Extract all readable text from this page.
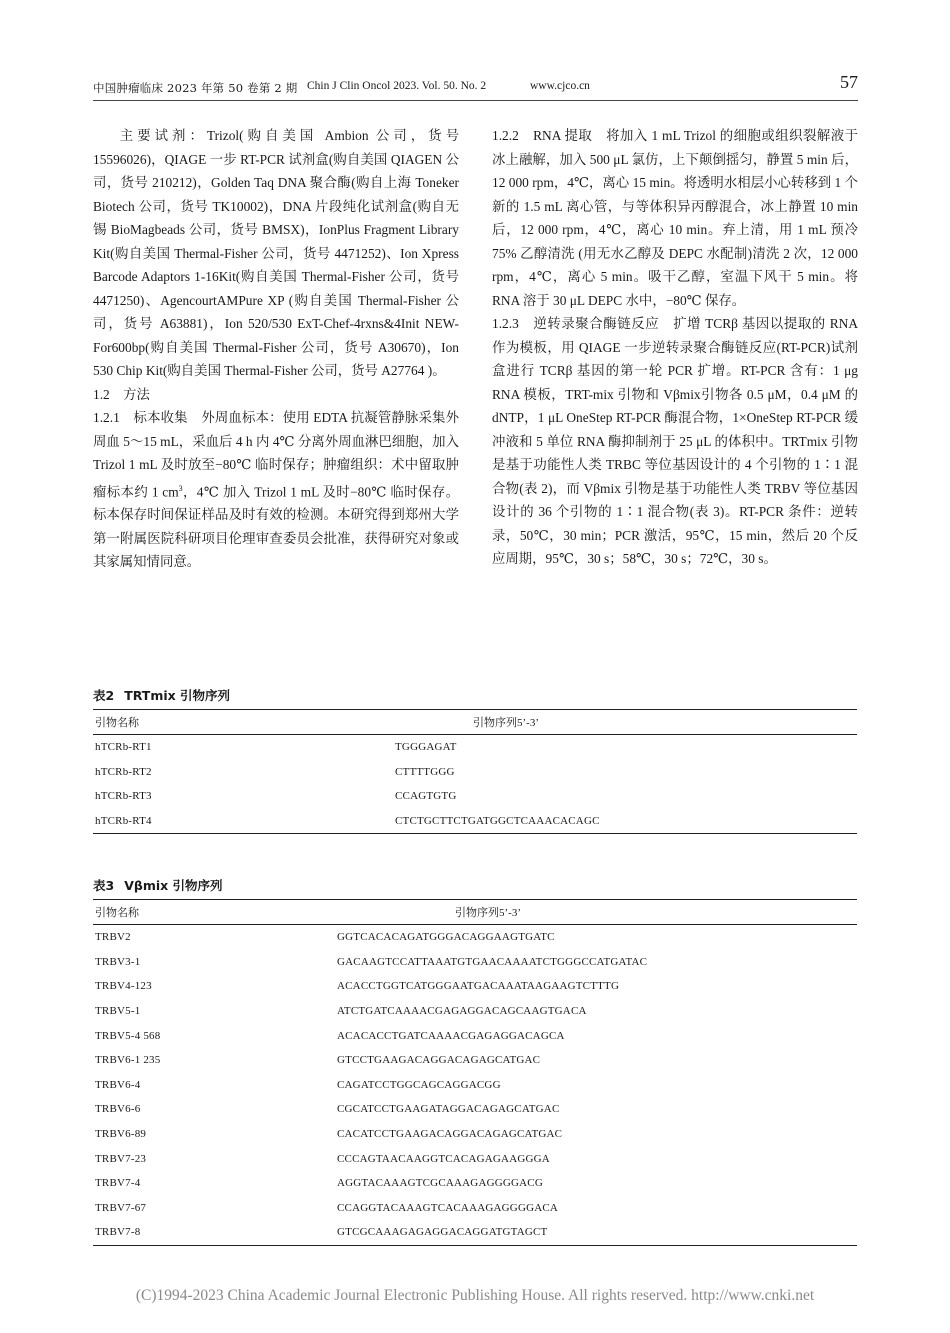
中国肿瘤临床 2023 年第 50 卷第 2 期 Chin J Clin Oncol 2023. Vol. 50. No. 2	www.cjco.cn	57

主要试剂：Trizol(购自美国 Ambion 公司，货号 15596026)，QIAGE 一步 RT-PCR 试剂盒(购自美国 QIAGEN 公司，货号 210212)，Golden Taq DNA 聚合酶(购自上海 Toneker Biotech 公司，货号 TK10002)，DNA 片段纯化试剂盒(购自无锡 BioMagbeads 公司，货号 BMSX)，IonPlus Fragment Library Kit(购自美国 Thermal-Fisher 公司，货号 4471252)、Ion Xpress Barcode Adaptors 1-16Kit(购自美国 Thermal-Fisher 公司，货号 4471250)、AgencourtAMPure XP (购自美国 Thermal-Fisher 公司，货号 A63881)，Ion 520/530 ExT-Chef-4rxns&4Init NEW-For600bp(购自美国 Thermal-Fisher 公司，货号 A30670)，Ion 530 Chip Kit(购自美国 Thermal-Fisher 公司，货号 A27764 )。

1.2　方法

1.2.1　标本收集　 外周血标本：使用 EDTA 抗凝管静脉采集外周血 5～15 mL，采血后 4 h 内 4℃ 分离外周血淋巴细胞，加入 Trizol 1 mL 及时放至−80℃ 临时保存；肿瘤组织：术中留取肿瘤标本约 1 $cm^3$，4℃ 加入 Trizol 1 mL 及时−80℃ 临时保存。标本保存时间保证样品及时有效的检测。本研究得到郑州大学第一附属医院科研项目伦理审查委员会批准，获得研究对象或其家属知情同意。

1.2.2　RNA 提取　 将加入 1 mL Trizol 的细胞或组织裂解液于冰上融解，加入 500 μL 氯仿，上下颠倒摇匀，静置 5 min 后，12 000 rpm，4℃，离心 15 min。将透明水相层小心转移到 1 个新的 1.5 mL 离心管，与等体积异丙醇混合，冰上静置 10 min 后，12 000 rpm，4℃，离心 10 min。弃上清，用 1 mL 预冷 75% 乙醇清洗 (用无水乙醇及 DEPC 水配制)清洗 2 次，12 000 rpm，4℃，离心 5 min。吸干乙醇，室温下风干 5 min。将 RNA 溶于 30 μL DEPC 水中，−80℃ 保存。

1.2.3　逆转录聚合酶链反应　 扩增 TCRβ 基因以提取的 RNA 作为模板，用 QIAGE 一步逆转录聚合酶链反应(RT-PCR)试剂盒进行 TCRβ 基因的第一轮 PCR 扩增。RT-PCR 含有：1 μg RNA 模板，TRT-mix 引物和 Vβmix引物各 0.5 μM，0.4 μM 的 dNTP，1 μL OneStep RT-PCR 酶混合物，1×OneStep RT-PCR 缓冲液和 5 单位 RNA 酶抑制剂于 25 μL 的体积中。TRTmix 引物是基于功能性人类 TRBC 等位基因设计的 4 个引物的 1∶1 混合物(表 2)，而 Vβmix 引物是基于功能性人类 TRBV 等位基因设计的 36 个引物的 1∶1 混合物(表 3)。RT-PCR 条件：逆转录，50℃，30 min；PCR 激活，95℃，15 min，然后 20 个反应周期，95℃，30 s；58℃，30 s；72℃，30 s。

表2 TRTmix 引物序列
引物名称	引物序列5’-3’
hTCRb-RT1	TGGGAGAT
hTCRb-RT2	CTTTTGGG
hTCRb-RT3	CCAGTGTG
hTCRb-RT4	CTCTGCTTCTGATGGCTCAAACACAGC
表3 Vβmix 引物序列
引物名称	引物序列5’-3’
TRBV2	GGTCACACAGATGGGACAGGAAGTGATC
TRBV3-1	GACAAGTCCATTAAATGTGAACAAAATCTGGGCCATGATAC
TRBV4-123	ACACCTGGTCATGGGAATGACAAATAAGAAGTCTTTG
TRBV5-1	ATCTGATCAAAACGAGAGGACAGCAAGTGACA
TRBV5-4 568	ACACACCTGATCAAAACGAGAGGACAGCA
TRBV6-1 235	GTCCTGAAGACAGGACAGAGCATGAC
TRBV6-4	CAGATCCTGGCAGCAGGACGG
TRBV6-6	CGCATCCTGAAGATAGGACAGAGCATGAC
TRBV6-89	CACATCCTGAAGACAGGACAGAGCATGAC
TRBV7-23	CCCAGTAACAAGGTCACAGAGAAGGGA
TRBV7-4	AGGTACAAAGTCGCAAAGAGGGGACG
TRBV7-67	CCAGGTACAAAGTCACAAAGAGGGGACA
TRBV7-8	GTCGCAAAGAGAGGACAGGATGTAGCT
(C)1994-2023 China Academic Journal Electronic Publishing House. All rights reserved. http://www.cnki.net
